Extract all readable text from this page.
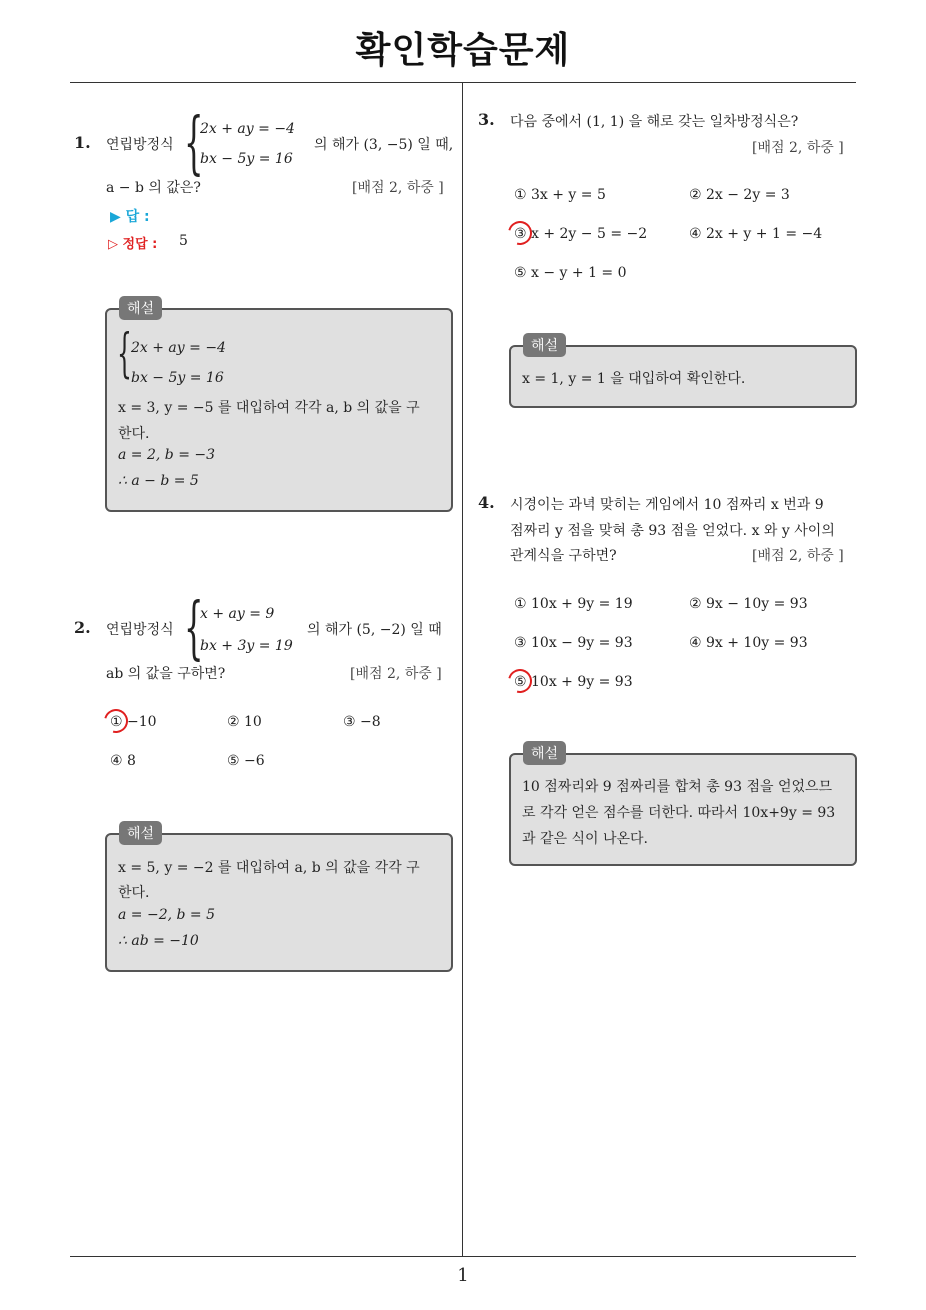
확인학습문제
1. 연립방정식 {
2x + ay = −4
bx − 5y = 16
의 해가 (3, −5) 일 때,
a − b 의 값은?	[배점 2, 하중 ]
▶ 답 :
▷ 정답 : 5
해설
{ 2x + ay = −4
bx − 5y = 16
x = 3, y = −5 를 대입하여 각각 a, b 의 값을 구
한다.
a = 2, b = −3
∴ a − b = 5
2. 연립방정식 {
x + ay = 9
bx + 3y = 19
의 해가 (5, −2) 일 때
ab 의 값을 구하면?	[배점 2, 하중 ]
① −10	② 10	③ −8
④ 8	⑤ −6
해설
x = 5, y = −2 를 대입하여 a, b 의 값을 각각 구
한다.
a = −2, b = 5
∴ ab = −10
3. 다음 중에서 (1, 1) 을 해로 갖는 일차방정식은?
[배점 2, 하중 ]
① 3x + y = 5	② 2x − 2y = 3
③ x + 2y − 5 = −2	④ 2x + y + 1 = −4
⑤ x − y + 1 = 0
해설
x = 1, y = 1 을 대입하여 확인한다.
4. 시경이는 과녁 맞히는 게임에서 10 점짜리 x 번과 9
점짜리 y 점을 맞혀 총 93 점을 얻었다. x 와 y 사이의
관계식을 구하면?	[배점 2, 하중 ]
① 10x + 9y = 19	② 9x − 10y = 93
③ 10x − 9y = 93	④ 9x + 10y = 93
⑤ 10x + 9y = 93
해설
10 점짜리와 9 점짜리를 합쳐 총 93 점을 얻었으므
로 각각 얻은 점수를 더한다. 따라서 10x+9y = 93
과 같은 식이 나온다.
1
